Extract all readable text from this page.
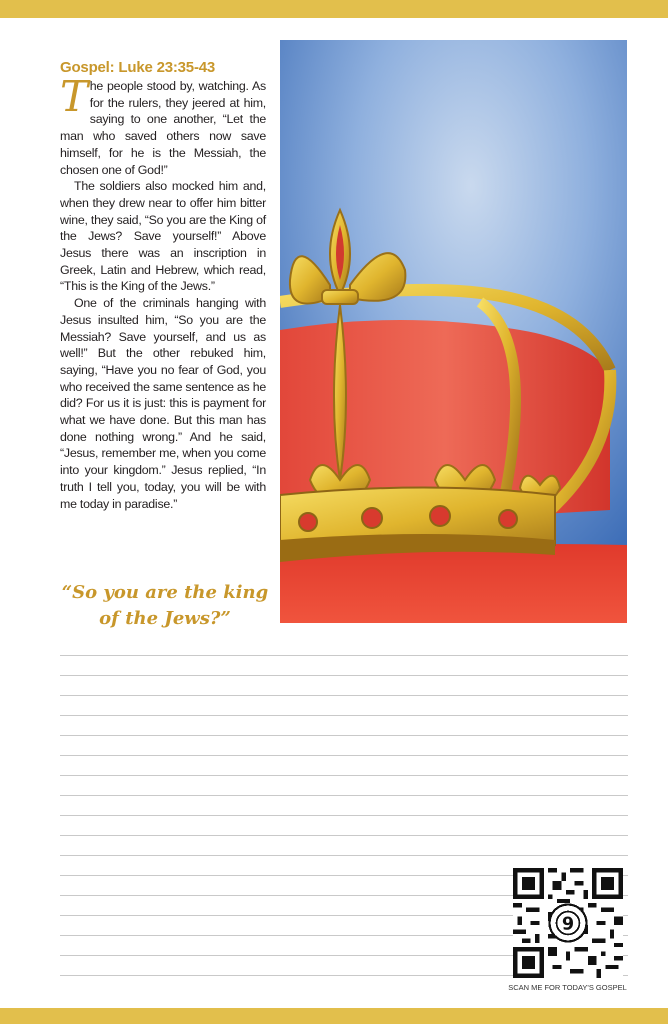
Gospel: Luke 23:35-43

The people stood by, watching. As for the rulers, they jeered at him, saying to one another, “Let the man who saved others now save himself, for he is the Messiah, the chosen one of God!”

The soldiers also mocked him and, when they drew near to offer him bitter wine, they said, “So you are the King of the Jews? Save yourself!” Above Jesus there was an inscription in Greek, Latin and Hebrew, which read, “This is the King of the Jews.”

One of the criminals hanging with Jesus insulted him, “So you are the Messiah? Save yourself, and us as well!” But the other rebuked him, saying, “Have you no fear of God, you who received the same sentence as he did? For us it is just: this is payment for what we have done. But this man has done nothing wrong.” And he said, “Jesus, remember me, when you come into your kingdom.” Jesus replied, “In truth I tell you, today, you will be with me today in paradise.”

“So you are the king of the Jews?”

9
SCAN ME FOR TODAY'S GOSPEL
